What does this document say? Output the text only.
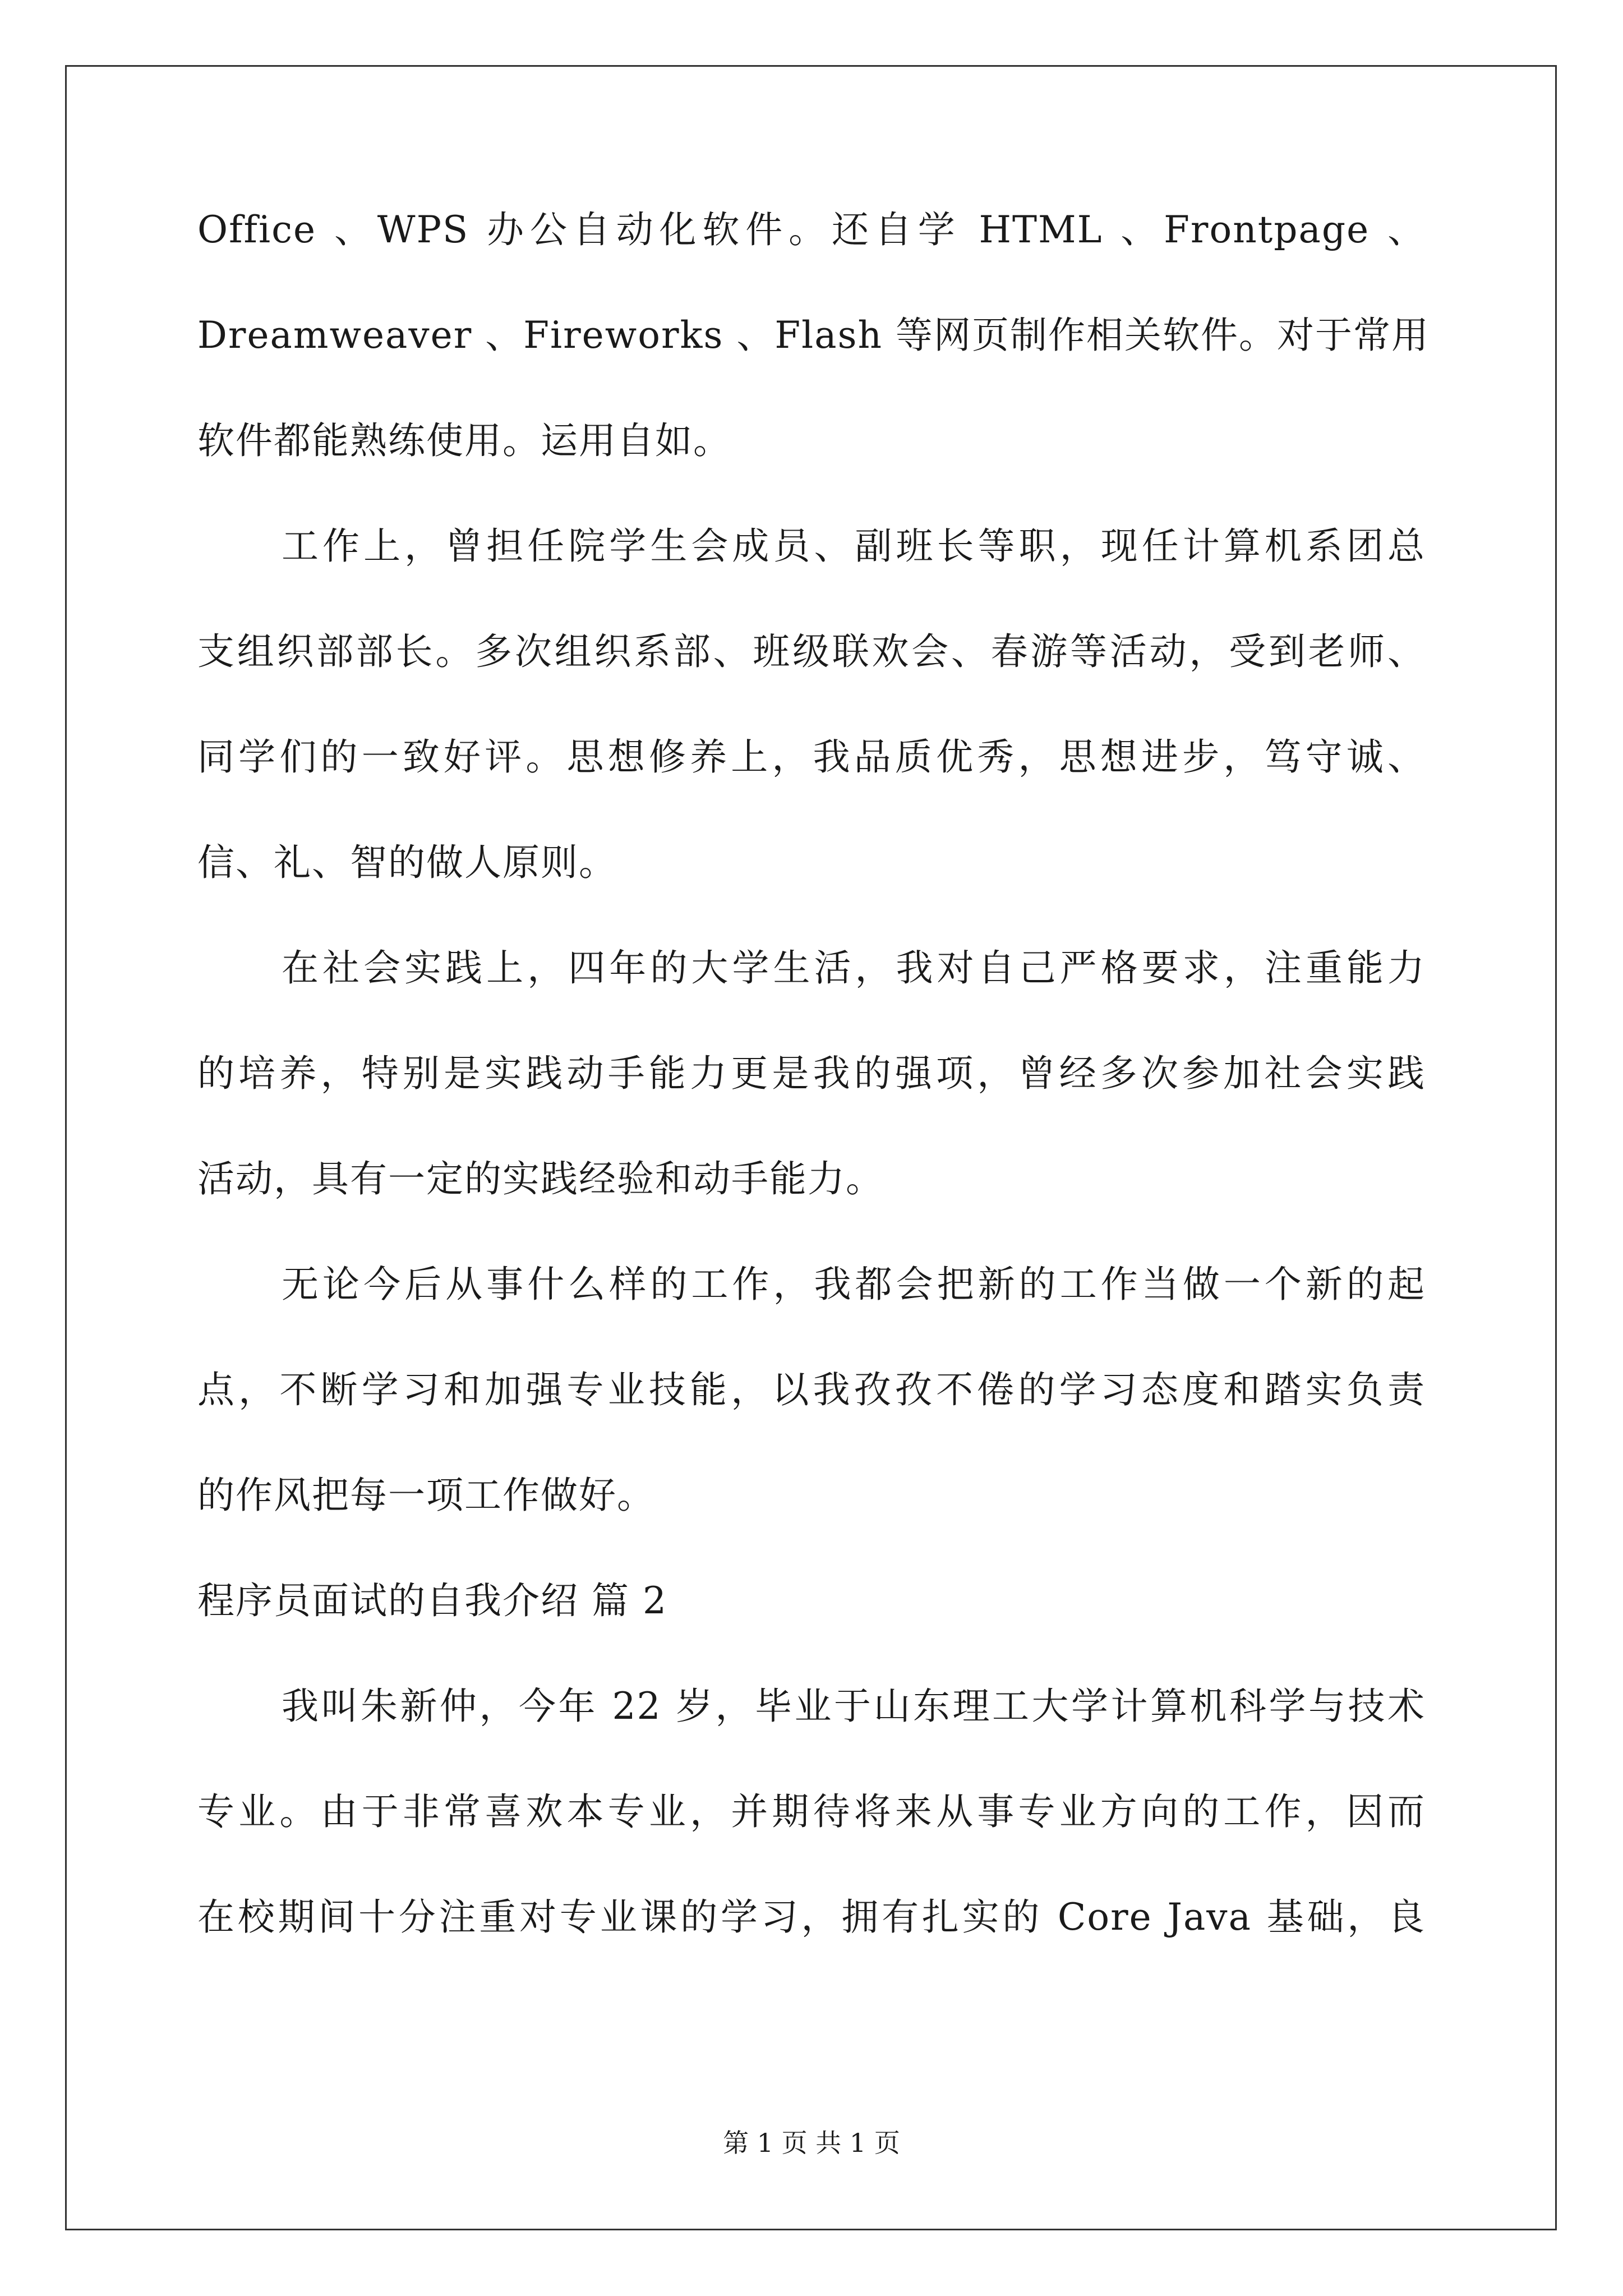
Office 、WPS 办公自动化软件。还自学 HTML 、Frontpage 、
Dreamweaver 、Fireworks 、Flash 等网页制作相关软件。对于常用
软件都能熟练使用。运用自如。
工作上，曾担任院学生会成员、副班长等职，现任计算机系团总
支组织部部长。多次组织系部、班级联欢会、春游等活动，受到老师、
同学们的一致好评。思想修养上，我品质优秀，思想进步，笃守诚、
信、礼、智的做人原则。
在社会实践上，四年的大学生活，我对自己严格要求，注重能力
的培养，特别是实践动手能力更是我的强项，曾经多次参加社会实践
活动，具有一定的实践经验和动手能力。
无论今后从事什么样的工作，我都会把新的工作当做一个新的起
点，不断学习和加强专业技能，以我孜孜不倦的学习态度和踏实负责
的作风把每一项工作做好。
程序员面试的自我介绍 篇 2
我叫朱新仲，今年 22 岁，毕业于山东理工大学计算机科学与技术
专业。由于非常喜欢本专业，并期待将来从事专业方向的工作，因而
在校期间十分注重对专业课的学习，拥有扎实的 Core Java 基础，良
第 1 页 共 1 页
